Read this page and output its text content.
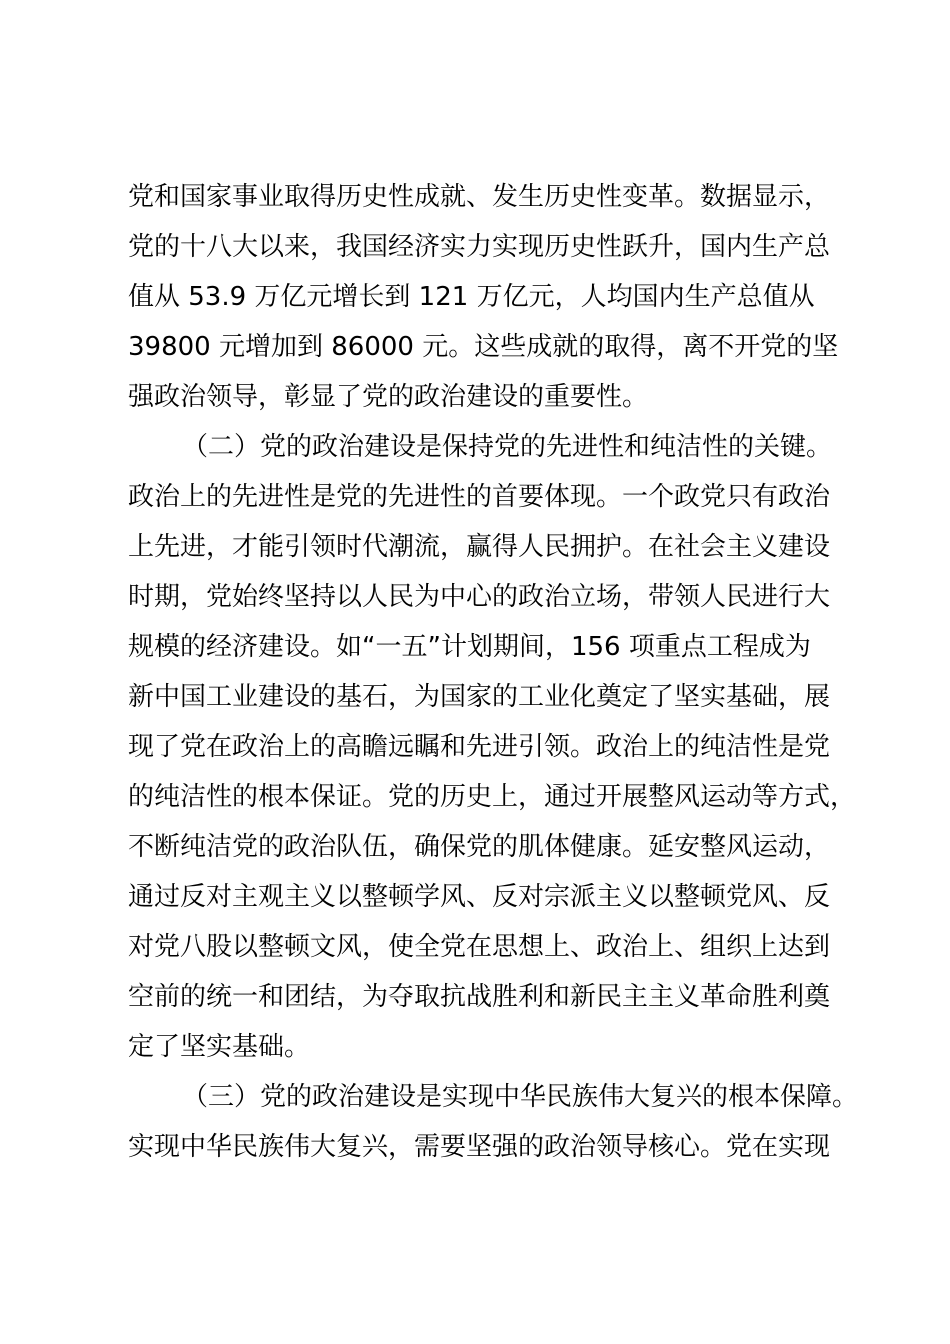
党和国家事业取得历史性成就、发生历史性变革。数据显示，
党的十八大以来，我国经济实力实现历史性跃升，国内生产总
值从 53.9 万亿元增长到 121 万亿元，人均国内生产总值从
39800 元增加到 86000 元。这些成就的取得，离不开党的坚
强政治领导，彰显了党的政治建设的重要性。
（二）党的政治建设是保持党的先进性和纯洁性的关键。
政治上的先进性是党的先进性的首要体现。一个政党只有政治
上先进，才能引领时代潮流，赢得人民拥护。在社会主义建设
时期，党始终坚持以人民为中心的政治立场，带领人民进行大
规模的经济建设。如“一五”计划期间，156 项重点工程成为
新中国工业建设的基石，为国家的工业化奠定了坚实基础，展
现了党在政治上的高瞻远瞩和先进引领。政治上的纯洁性是党
的纯洁性的根本保证。党的历史上，通过开展整风运动等方式，
不断纯洁党的政治队伍，确保党的肌体健康。延安整风运动，
通过反对主观主义以整顿学风、反对宗派主义以整顿党风、反
对党八股以整顿文风，使全党在思想上、政治上、组织上达到
空前的统一和团结，为夺取抗战胜利和新民主主义革命胜利奠
定了坚实基础。
（三）党的政治建设是实现中华民族伟大复兴的根本保障。
实现中华民族伟大复兴，需要坚强的政治领导核心。党在实现
